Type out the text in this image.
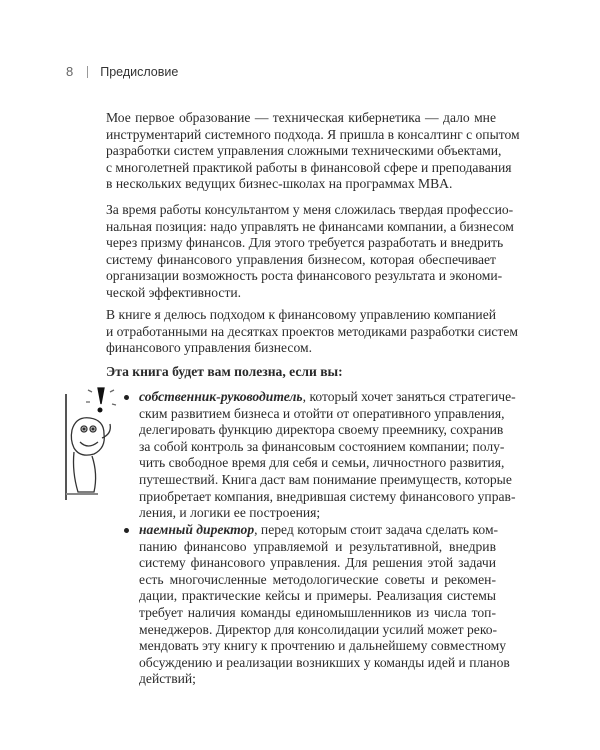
8 Предисловие
Мое первое образование — техническая кибернетика — дало мне
инструментарий системного подхода. Я пришла в консалтинг с опытом
разработки систем управления сложными техническими объектами,
с многолетней практикой работы в финансовой сфере и преподавания
в нескольких ведущих бизнес-школах на программах MBA.
За время работы консультантом у меня сложилась твердая профессио-
нальная позиция: надо управлять не финансами компании, а бизнесом
через призму финансов. Для этого требуется разработать и внедрить
систему финансового управления бизнесом, которая обеспечивает
организации возможность роста финансового результата и экономи-
ческой эффективности.
В книге я делюсь подходом к финансовому управлению компанией
и отработанными на десятках проектов методиками разработки систем
финансового управления бизнесом.
Эта книга будет вам полезна, если вы:
собственник-руководитель, который хочет заняться стратегиче-
ским развитием бизнеса и отойти от оперативного управления,
делегировать функцию директора своему преемнику, сохранив
за собой контроль за финансовым состоянием компании; полу-
чить свободное время для себя и семьи, личностного развития,
путешествий. Книга даст вам понимание преимуществ, которые
приобретает компания, внедрившая систему финансового управ-
ления, и логики ее построения;
наемный директор, перед которым стоит задача сделать ком-
панию финансово управляемой и результативной, внедрив
систему финансового управления. Для решения этой задачи
есть многочисленные методологические советы и рекомен-
дации, практические кейсы и примеры. Реализация системы
требует наличия команды единомышленников из числа топ-
менеджеров. Директор для консолидации усилий может реко-
мендовать эту книгу к прочтению и дальнейшему совместному
обсуждению и реализации возникших у команды идей и планов
действий;
